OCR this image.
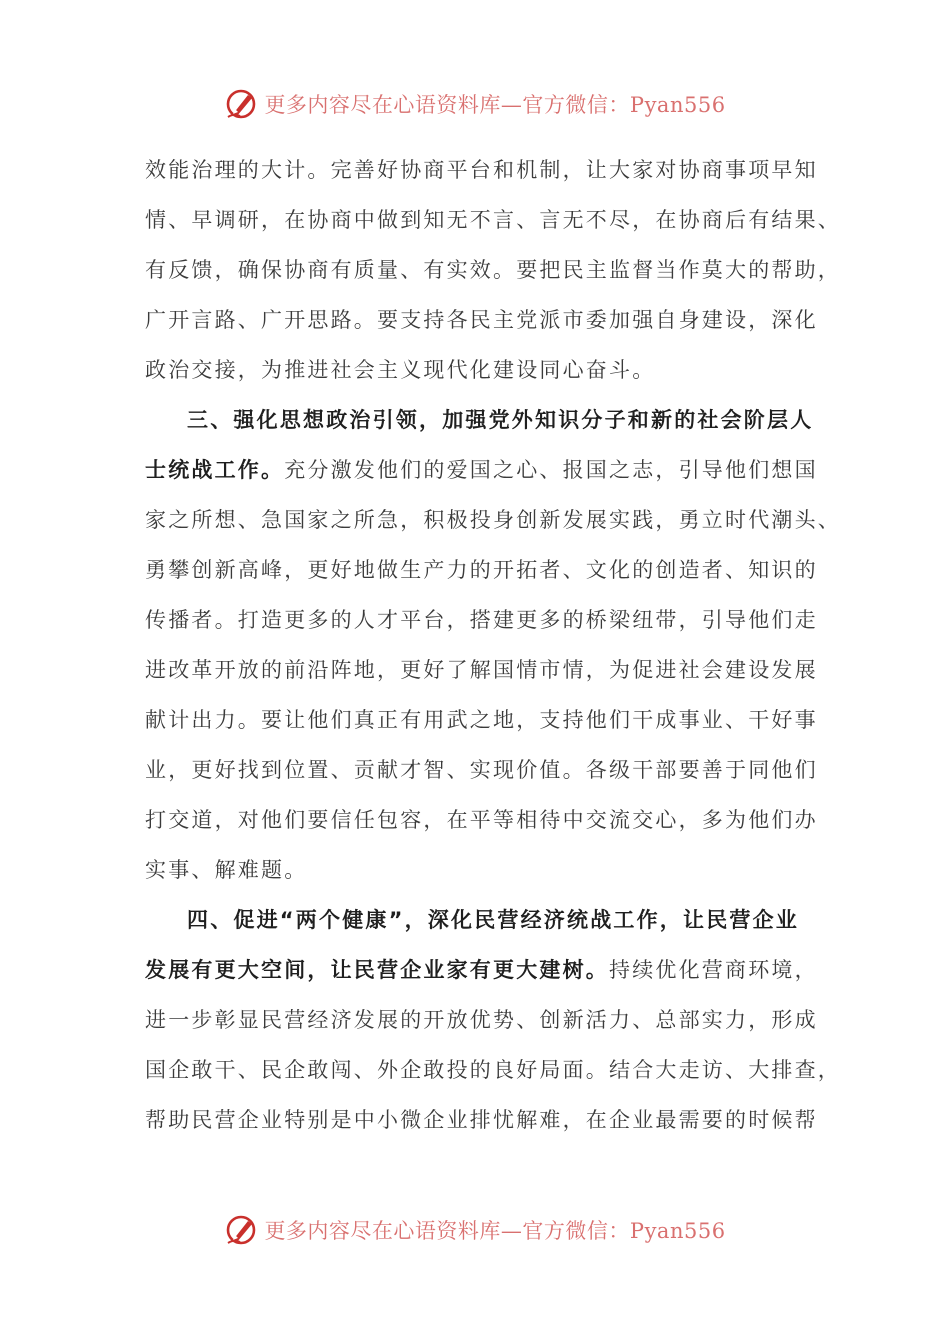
更多内容尽在心语资料库—官方微信：Pyan556
效能治理的大计。完善好协商平台和机制，让大家对协商事项早知
情、早调研，在协商中做到知无不言、言无不尽，在协商后有结果、
有反馈，确保协商有质量、有实效。要把民主监督当作莫大的帮助，
广开言路、广开思路。要支持各民主党派市委加强自身建设，深化
政治交接，为推进社会主义现代化建设同心奋斗。
三、强化思想政治引领，加强党外知识分子和新的社会阶层人
士统战工作。充分激发他们的爱国之心、报国之志，引导他们想国
家之所想、急国家之所急，积极投身创新发展实践，勇立时代潮头、
勇攀创新高峰，更好地做生产力的开拓者、文化的创造者、知识的
传播者。打造更多的人才平台，搭建更多的桥梁纽带，引导他们走
进改革开放的前沿阵地，更好了解国情市情，为促进社会建设发展
献计出力。要让他们真正有用武之地，支持他们干成事业、干好事
业，更好找到位置、贡献才智、实现价值。各级干部要善于同他们
打交道，对他们要信任包容，在平等相待中交流交心，多为他们办
实事、解难题。
四、促进“两个健康”，深化民营经济统战工作，让民营企业
发展有更大空间，让民营企业家有更大建树。持续优化营商环境，
进一步彰显民营经济发展的开放优势、创新活力、总部实力，形成
国企敢干、民企敢闯、外企敢投的良好局面。结合大走访、大排查，
帮助民营企业特别是中小微企业排忧解难，在企业最需要的时候帮
更多内容尽在心语资料库—官方微信：Pyan556
